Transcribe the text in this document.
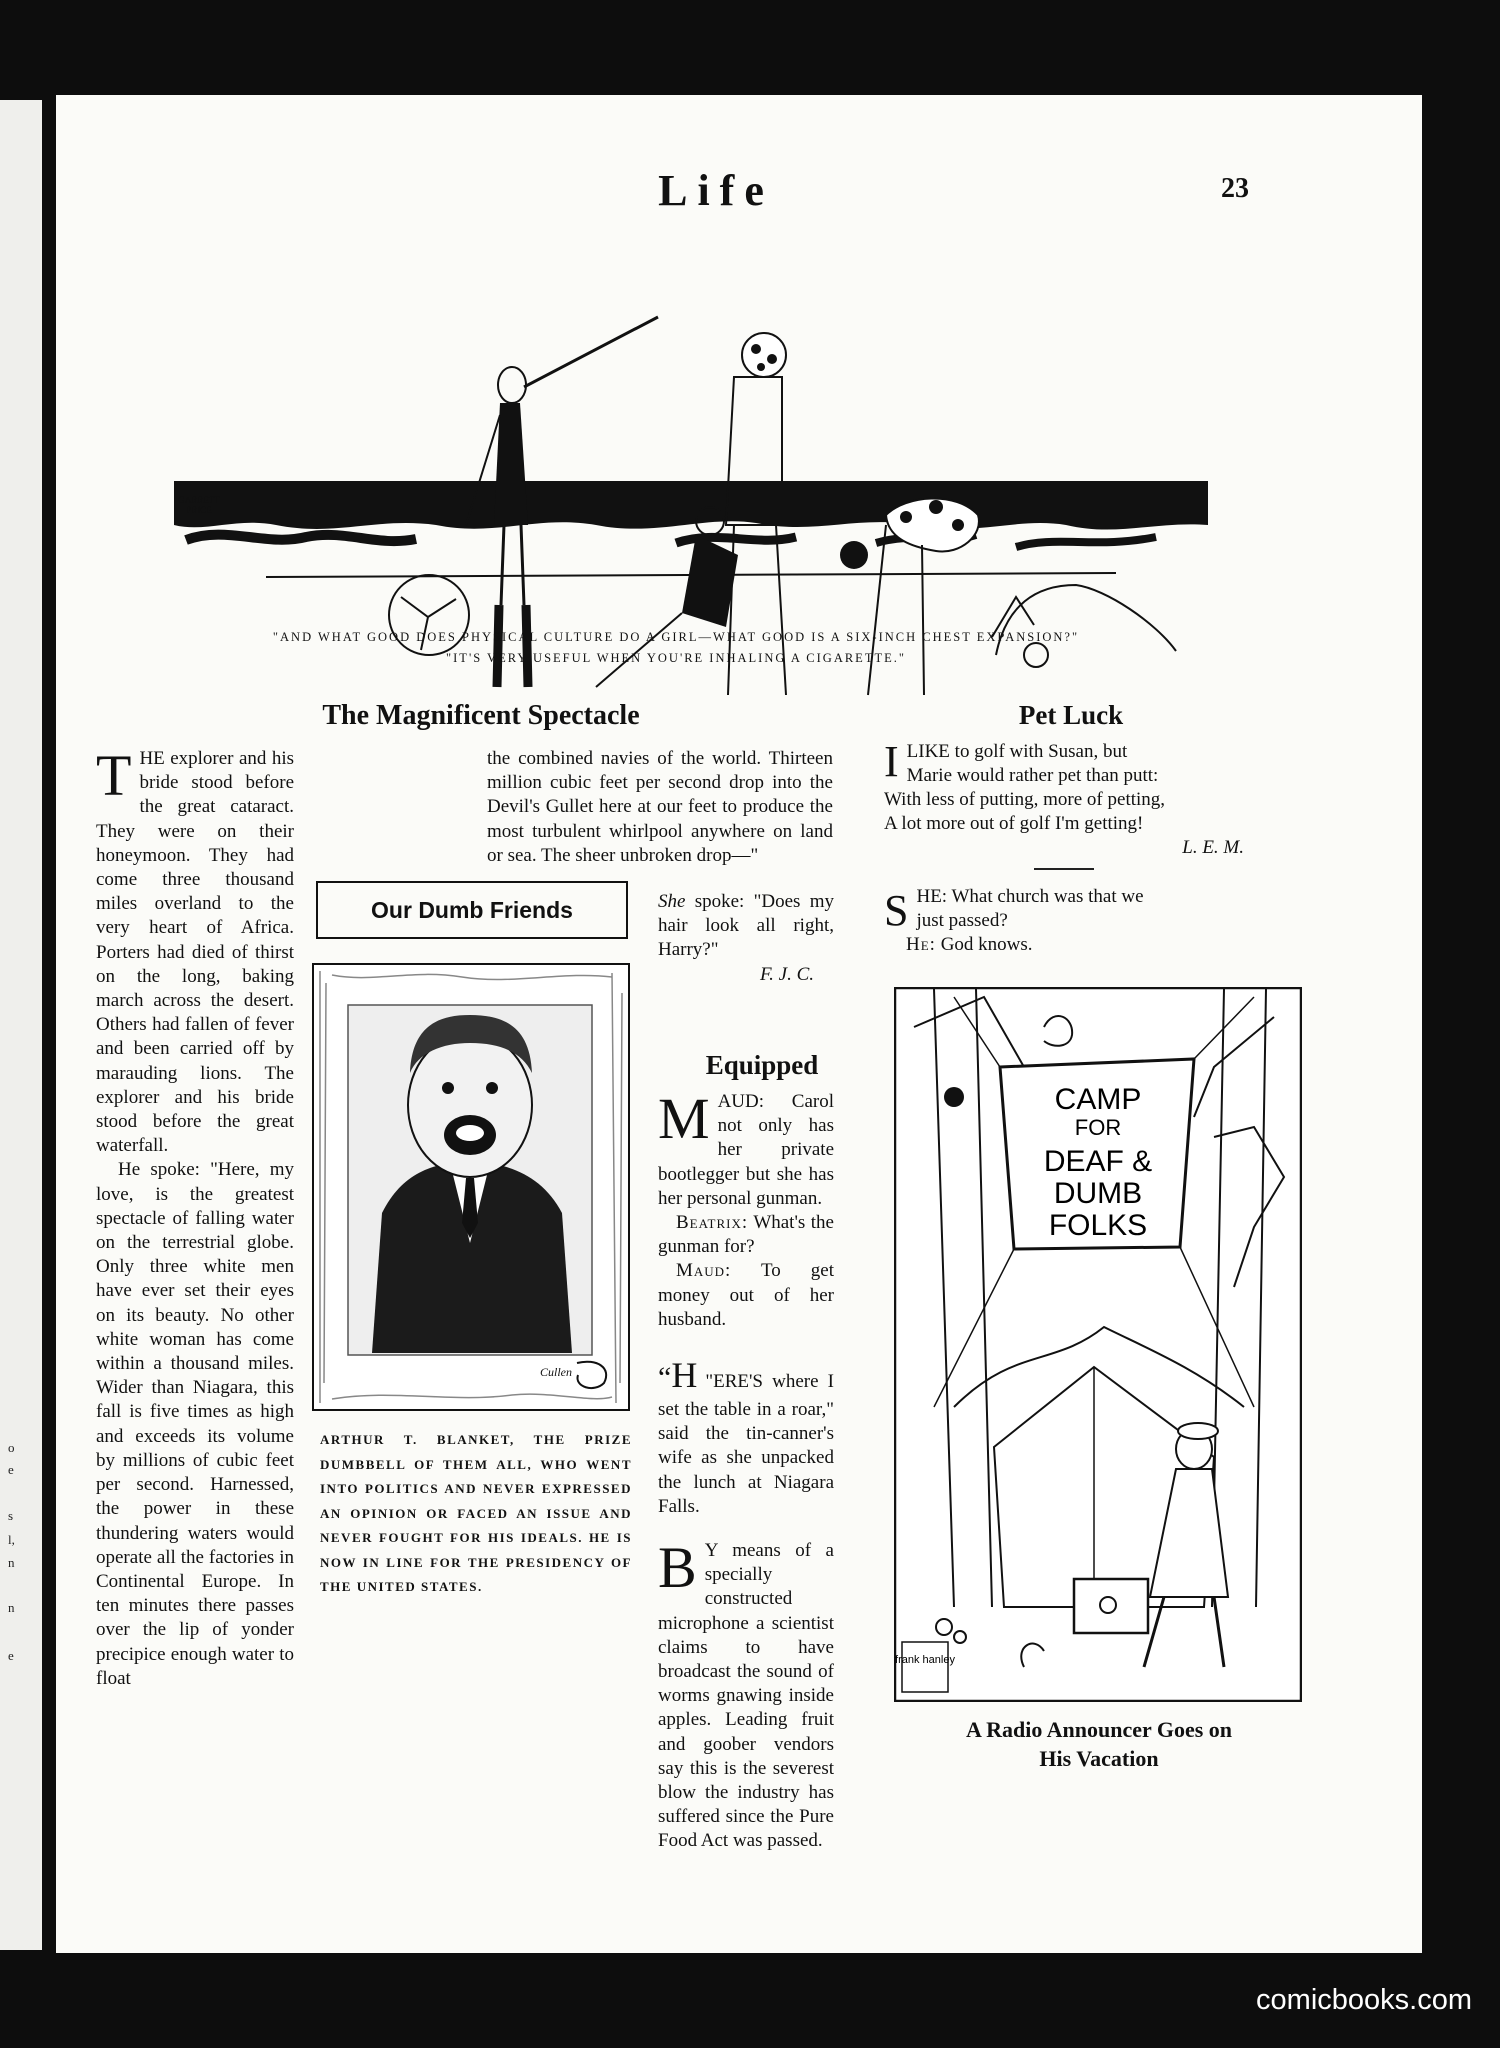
o
e
s
l,
n
n
e
Life	23
GARRETT PRICE
"AND WHAT GOOD DOES PHYSICAL CULTURE DO A GIRL—WHAT GOOD IS A SIX-INCH CHEST EXPANSION?"
"IT'S VERY USEFUL WHEN YOU'RE INHALING A CIGARETTE."
The Magnificent Spectacle	Pet Luck

THE explorer and his bride stood before the great cataract. They were on their honeymoon. They had come three thousand miles overland to the very heart of Africa. Porters had died of thirst on the long, baking march across the desert. Others had fallen of fever and been carried off by marauding lions. The explorer and his bride stood before the great waterfall.

He spoke: "Here, my love, is the greatest spectacle of falling water on the terrestrial globe. Only three white men have ever set their eyes on its beauty. No other white woman has come within a thousand miles. Wider than Niagara, this fall is five times as high and exceeds its volume by millions of cubic feet per second. Harnessed, the power in these thundering waters would operate all the factories in Continental Europe. In ten minutes there passes over the lip of yonder precipice enough water to float

Our Dumb Friends
Cullen
ARTHUR T. BLANKET, THE PRIZE DUMBBELL OF THEM ALL, WHO WENT INTO POLITICS AND NEVER EXPRESSED AN OPINION OR FACED AN ISSUE AND NEVER FOUGHT FOR HIS IDEALS. HE IS NOW IN LINE FOR THE PRESIDENCY OF THE UNITED STATES.

the combined navies of the world. Thirteen million cubic feet per second drop into the Devil's Gullet here at our feet to produce the most turbulent whirlpool anywhere on land or sea. The sheer unbroken drop—"

She spoke: "Does my hair look all right, Harry?"

F. J. C.

Equipped

MAUD: Carol not only has her private bootlegger but she has her personal gunman.

Beatrix: What's the gunman for?

Maud: To get money out of her husband.

“H "ERE'S where I set the table in a roar," said the tin-canner's wife as she unpacked the lunch at Niagara Falls.

B Y means of a specially constructed microphone a scientist claims to have broadcast the sound of worms gnawing inside apples. Leading fruit and goober vendors say this is the severest blow the industry has suffered since the Pure Food Act was passed.

ILIKE to golf with Susan, but

Marie would rather pet than putt:

With less of putting, more of petting,

A lot more out of golf I'm getting!

L. E. M.

SHE: What church was that we

just passed?

He: God knows.

CAMP
FOR
DEAF &
DUMB
FOLKS
frank hanley
A Radio Announcer Goes on
His Vacation
comicbooks.com
